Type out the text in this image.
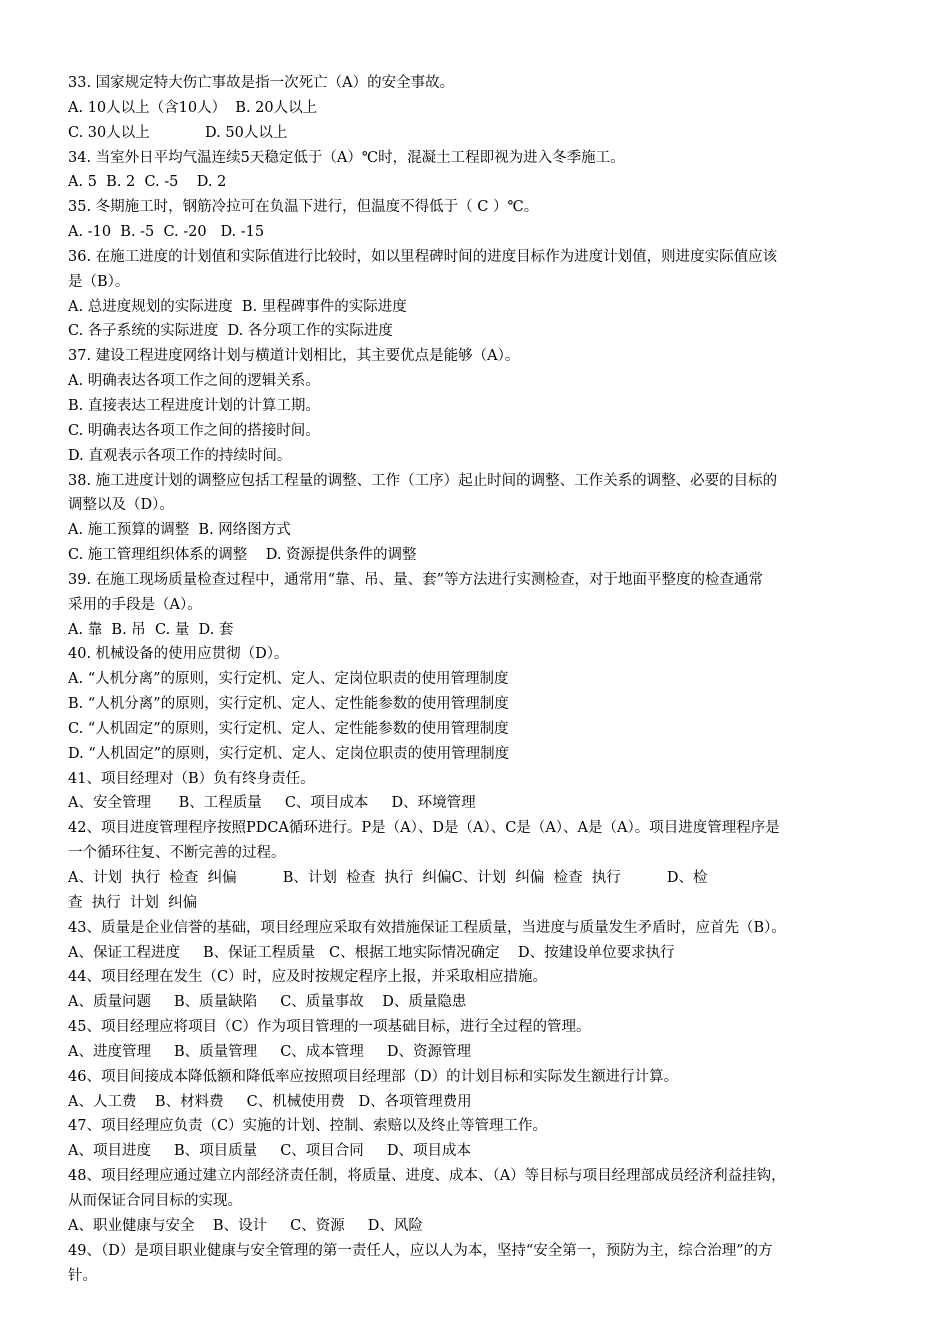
33. 国家规定特大伤亡事故是指一次死亡（A）的安全事故。
A. 10人以上（含10人）  B. 20人以上
C. 30人以上            D. 50人以上
34. 当室外日平均气温连续5天稳定低于（A）℃时，混凝土工程即视为进入冬季施工。
A. 5  B. 2  C. -5    D. 2
35. 冬期施工时，钢筋冷拉可在负温下进行，但温度不得低于（ C ）℃。
A. -10  B. -5  C. -20   D. -15
36. 在施工进度的计划值和实际值进行比较时，如以里程碑时间的进度目标作为进度计划值，则进度实际值应该
是（B）。
A. 总进度规划的实际进度  B. 里程碑事件的实际进度
C. 各子系统的实际进度  D. 各分项工作的实际进度
37. 建设工程进度网络计划与横道计划相比，其主要优点是能够（A）。
A. 明确表达各项工作之间的逻辑关系。
B. 直接表达工程进度计划的计算工期。
C. 明确表达各项工作之间的搭接时间。
D. 直观表示各项工作的持续时间。
38. 施工进度计划的调整应包括工程量的调整、工作（工序）起止时间的调整、工作关系的调整、必要的目标的
调整以及（D）。
A. 施工预算的调整  B. 网络图方式
C. 施工管理组织体系的调整    D. 资源提供条件的调整
39. 在施工现场质量检查过程中，通常用“靠、吊、量、套”等方法进行实测检查，对于地面平整度的检查通常
采用的手段是（A）。
A. 靠  B. 吊  C. 量  D. 套
40. 机械设备的使用应贯彻（D）。
A. “人机分离”的原则，实行定机、定人、定岗位职责的使用管理制度
B. “人机分离”的原则，实行定机、定人、定性能参数的使用管理制度
C. “人机固定”的原则，实行定机、定人、定性能参数的使用管理制度
D. “人机固定”的原则，实行定机、定人、定岗位职责的使用管理制度
41、项目经理对（B）负有终身责任。
A、安全管理      B、工程质量     C、项目成本     D、环境管理
42、项目进度管理程序按照PDCA循环进行。P是（A）、D是（A）、C是（A）、A是（A）。项目进度管理程序是
一个循环往复、不断完善的过程。
A、计划  执行  检查  纠偏          B、计划  检查  执行  纠偏C、计划  纠偏  检查  执行          D、检
查  执行  计划  纠偏
43、质量是企业信誉的基础，项目经理应采取有效措施保证工程质量，当进度与质量发生矛盾时，应首先（B）。
A、保证工程进度     B、保证工程质量   C、根据工地实际情况确定    D、按建设单位要求执行
44、项目经理在发生（C）时，应及时按规定程序上报，并采取相应措施。
A、质量问题     B、质量缺陷     C、质量事故    D、质量隐患
45、项目经理应将项目（C）作为项目管理的一项基础目标，进行全过程的管理。
A、进度管理     B、质量管理     C、成本管理     D、资源管理
46、项目间接成本降低额和降低率应按照项目经理部（D）的计划目标和实际发生额进行计算。
A、人工费    B、材料费     C、机械使用费   D、各项管理费用
47、项目经理应负责（C）实施的计划、控制、索赔以及终止等管理工作。
A、项目进度     B、项目质量     C、项目合同     D、项目成本
48、项目经理应通过建立内部经济责任制，将质量、进度、成本、（A）等目标与项目经理部成员经济利益挂钩，
从而保证合同目标的实现。
A、职业健康与安全    B、设计     C、资源     D、风险
49、（D）是项目职业健康与安全管理的第一责任人，应以人为本，坚持“安全第一，预防为主，综合治理”的方
针。
